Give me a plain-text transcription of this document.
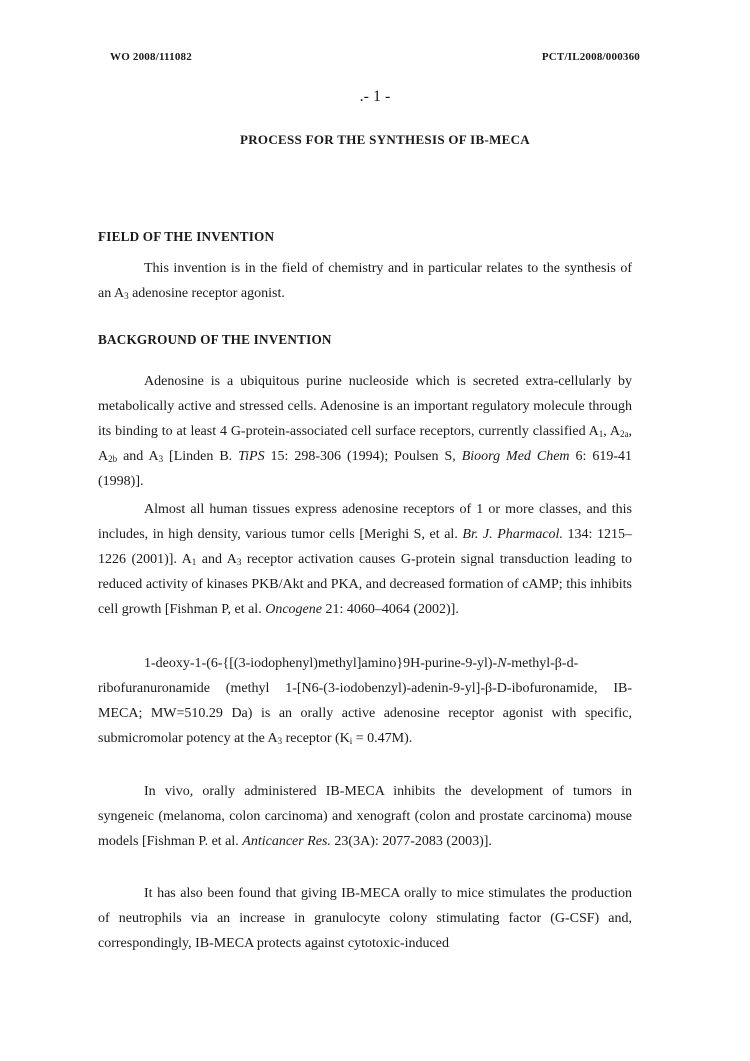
WO 2008/111082	PCT/IL2008/000360
.- 1 -
PROCESS FOR THE SYNTHESIS OF IB-MECA
FIELD OF THE INVENTION

This invention is in the field of chemistry and in particular relates to the synthesis of an $A_3$ adenosine receptor agonist.

BACKGROUND OF THE INVENTION

Adenosine is a ubiquitous purine nucleoside which is secreted extra-cellularly by metabolically active and stressed cells. Adenosine is an important regulatory molecule through its binding to at least 4 G-protein-associated cell surface receptors, currently classified $A_1$, $A_{2a}$, $A_{2b}$ and $A_3$ [Linden B. TiPS 15: 298-306 (1994); Poulsen S, Bioorg Med Chem 6: 619-41 (1998)].

Almost all human tissues express adenosine receptors of 1 or more classes, and this includes, in high density, various tumor cells [Merighi S, et al. Br. J. Pharmacol. 134: 1215–1226 (2001)]. $A_1$ and $A_3$ receptor activation causes G-protein signal transduction leading to reduced activity of kinases PKB/Akt and PKA, and decreased formation of cAMP; this inhibits cell growth [Fishman P, et al. Oncogene 21: 4060–4064 (2002)].

1-deoxy-1-(6-{[(3-iodophenyl)methyl]amino}9H-purine-9-yl)-N-methyl-β-d-ribofuranuronamide (methyl 1-[N6-(3-iodobenzyl)-adenin-9-yl]-β-D-ibofuronamide, IB-MECA; MW=510.29 Da) is an orally active adenosine receptor agonist with specific, submicromolar potency at the $A_3$ receptor $(K_i = 0.47M)$.

In vivo, orally administered IB-MECA inhibits the development of tumors in syngeneic (melanoma, colon carcinoma) and xenograft (colon and prostate carcinoma) mouse models [Fishman P. et al. Anticancer Res. 23(3A): 2077-2083 (2003)].

It has also been found that giving IB-MECA orally to mice stimulates the production of neutrophils via an increase in granulocyte colony stimulating factor (G-CSF) and, correspondingly, IB-MECA protects against cytotoxic-induced
